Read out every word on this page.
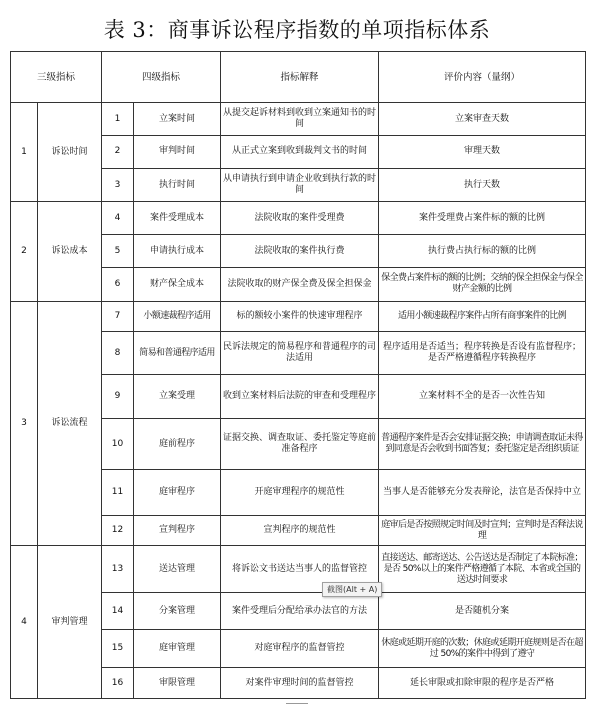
表 3：商事诉讼程序指数的单项指标体系
三级指标		四级指标		指标解释	评价内容（量纲）
1	诉讼时间	1	立案时间	从提交起诉材料到收到立案通知书的时间	立案审查天数
		2	审判时间	从正式立案到收到裁判文书的时间	审理天数
		3	执行时间	从申请执行到申请企业收到执行款的时间	执行天数
2	诉讼成本	4	案件受理成本	法院收取的案件受理费	案件受理费占案件标的额的比例
		5	申请执行成本	法院收取的案件执行费	执行费占执行标的额的比例
		6	财产保全成本	法院收取的财产保全费及保全担保金	保全费占案件标的额的比例；交纳的保全担保金与保全财产金额的比例
3	诉讼流程	7	小额速裁程序适用	标的额较小案件的快速审理程序	适用小额速裁程序案件占所有商事案件的比例
		8	简易和普通程序适用	民诉法规定的简易程序和普通程序的司法适用	程序适用是否适当；程序转换是否设有监督程序；是否严格遵循程序转换程序
		9	立案受理	收到立案材料后法院的审查和受理程序	立案材料不全的是否一次性告知
		10	庭前程序	证据交换、调查取证、委托鉴定等庭前准备程序	普通程序案件是否会安排证据交换；申请调查取证未得到同意是否会收到书面答复；委托鉴定是否组织质证
		11	庭审程序	开庭审理程序的规范性	当事人是否能够充分发表辩论，法官是否保持中立
		12	宣判程序	宣判程序的规范性	庭审后是否按照规定时间及时宣判；宣判时是否释法说理
4	审判管理	13	送达管理	将诉讼文书送达当事人的监督管控	直接送达、邮寄送达、公告送达是否制定了本院标准；是否 50%以上的案件严格遵循了本院、本省或全国的送达时间要求
		14	分案管理	案件受理后分配给承办法官的方法	是否随机分案
		15	庭审管理	对庭审程序的监督管控	休庭或延期开庭的次数；休庭或延期开庭规则是否在超过 50%的案件中得到了遵守
		16	审限管理	对案件审理时间的监督管控	延长审限或扣除审限的程序是否严格
截图(Alt + A)
